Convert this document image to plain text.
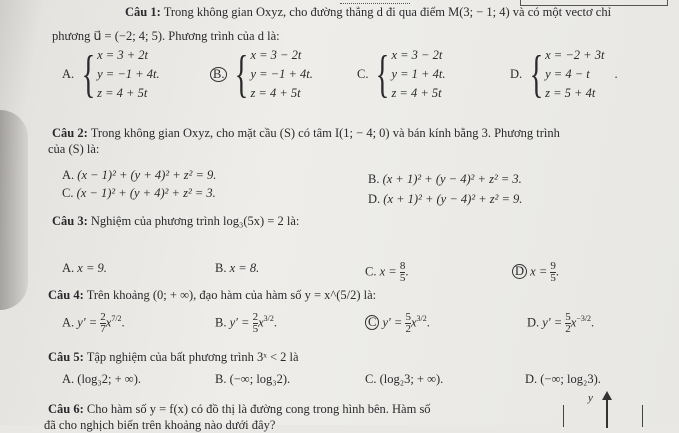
Câu 1: Trong không gian Oxyz, cho đường thẳng d đi qua điểm M(3; − 1; 4) và có một vectơ chỉ
phương u⃗ = (−2; 4; 5). Phương trình của d là:
A. { x = 3 + 2t
y = −1 + 4t.
z = 4 + 5t
B. { x = 3 − 2t
y = −1 + 4t.
z = 4 + 5t
C. { x = 3 − 2t
y = 1 + 4t.
z = 4 + 5t
D. { x = −2 + 3t
y = 4 − t
z = 5 + 4t
.
Câu 2: Trong không gian Oxyz, cho mặt cầu (S) có tâm I(1; − 4; 0) và bán kính bằng 3. Phương trình
của (S) là:
A. (x − 1)² + (y + 4)² + z² = 9.	B. (x + 1)² + (y − 4)² + z² = 3.
C. (x − 1)² + (y + 4)² + z² = 3.	D. (x + 1)² + (y − 4)² + z² = 9.
Câu 3: Nghiệm của phương trình log₃(5x) = 2 là:
A. x = 9.	B. x = 8.	C. $x = \frac{8}{5}$ .	D $x = \frac{9}{5}$ .
Câu 4: Trên khoảng (0; + ∞), đạo hàm của hàm số y = x^(5/2) là:
A. $y' = \frac{2}{7} x^{7/2}$.	B. $y' = \frac{2}{5} x^{3/2}$.	C $y' = \frac{5}{2} x^{3/2}$.	D. $y' = \frac{5}{2} x^{-3/2}$.
Câu 5: Tập nghiệm của bất phương trình 3ˣ < 2 là
A. (log₃2; + ∞).	B. (−∞; log₃2).	C. (log₂3; + ∞).	D. (−∞; log₂3).
Câu 6: Cho hàm số y = f(x) có đồ thị là đường cong trong hình bên. Hàm số
đã cho nghịch biến trên khoảng nào dưới đây?
y
